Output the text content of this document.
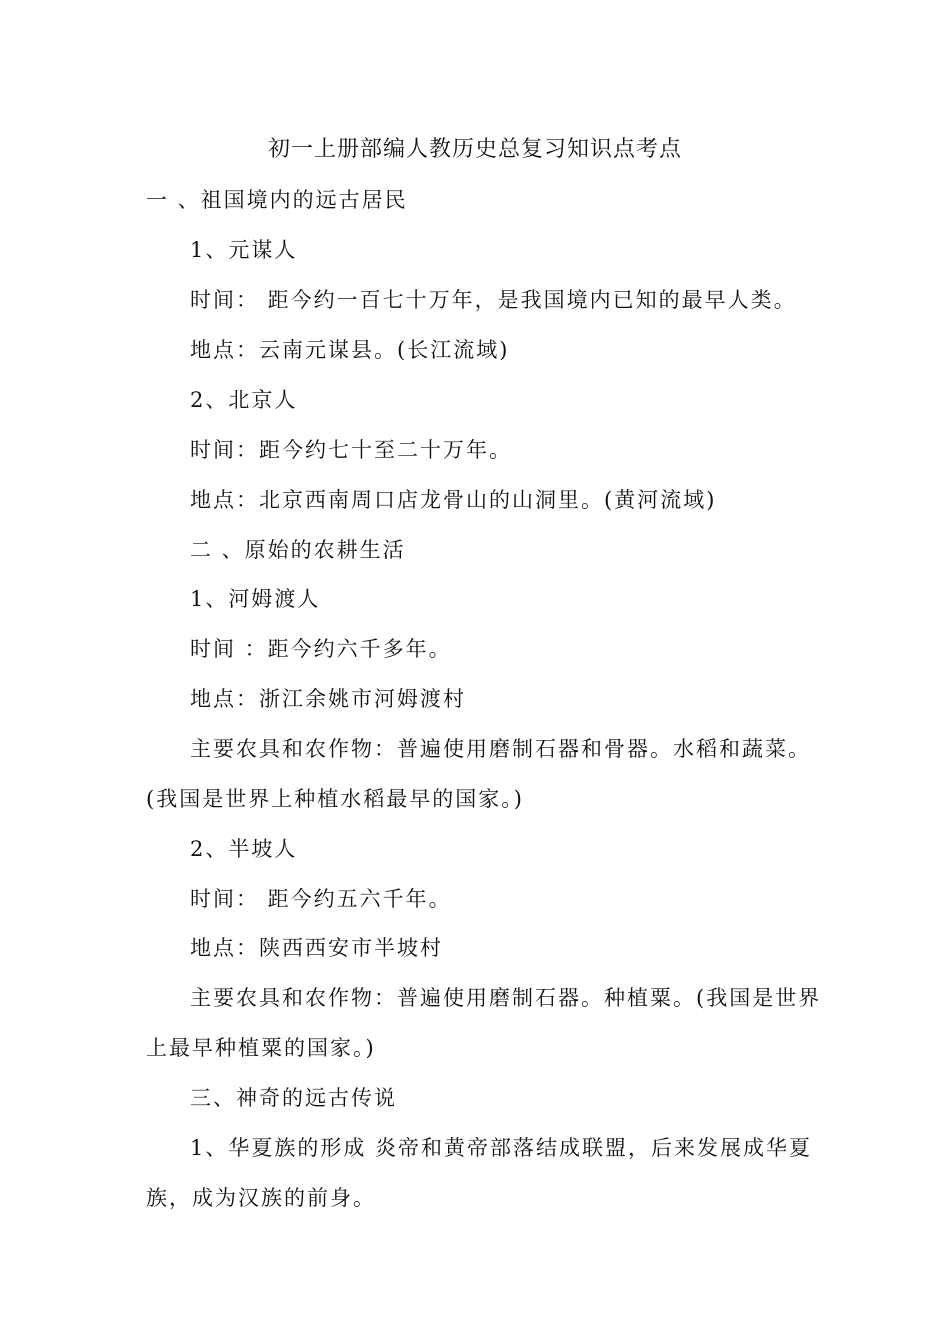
初一上册部编人教历史总复习知识点考点
一 、祖国境内的远古居民
1、元谋人
时间： 距今约一百七十万年，是我国境内已知的最早人类。
地点：云南元谋县。(长江流域)
2、北京人
时间：距今约七十至二十万年。
地点：北京西南周口店龙骨山的山洞里。(黄河流域)
二 、原始的农耕生活
1、河姆渡人
时间 ：距今约六千多年。
地点：浙江余姚市河姆渡村
主要农具和农作物：普遍使用磨制石器和骨器。水稻和蔬菜。
(我国是世界上种植水稻最早的国家。)
2、半坡人
时间： 距今约五六千年。
地点：陕西西安市半坡村
主要农具和农作物：普遍使用磨制石器。种植粟。(我国是世界
上最早种植粟的国家。)
三、神奇的远古传说
1、华夏族的形成 炎帝和黄帝部落结成联盟，后来发展成华夏
族，成为汉族的前身。
